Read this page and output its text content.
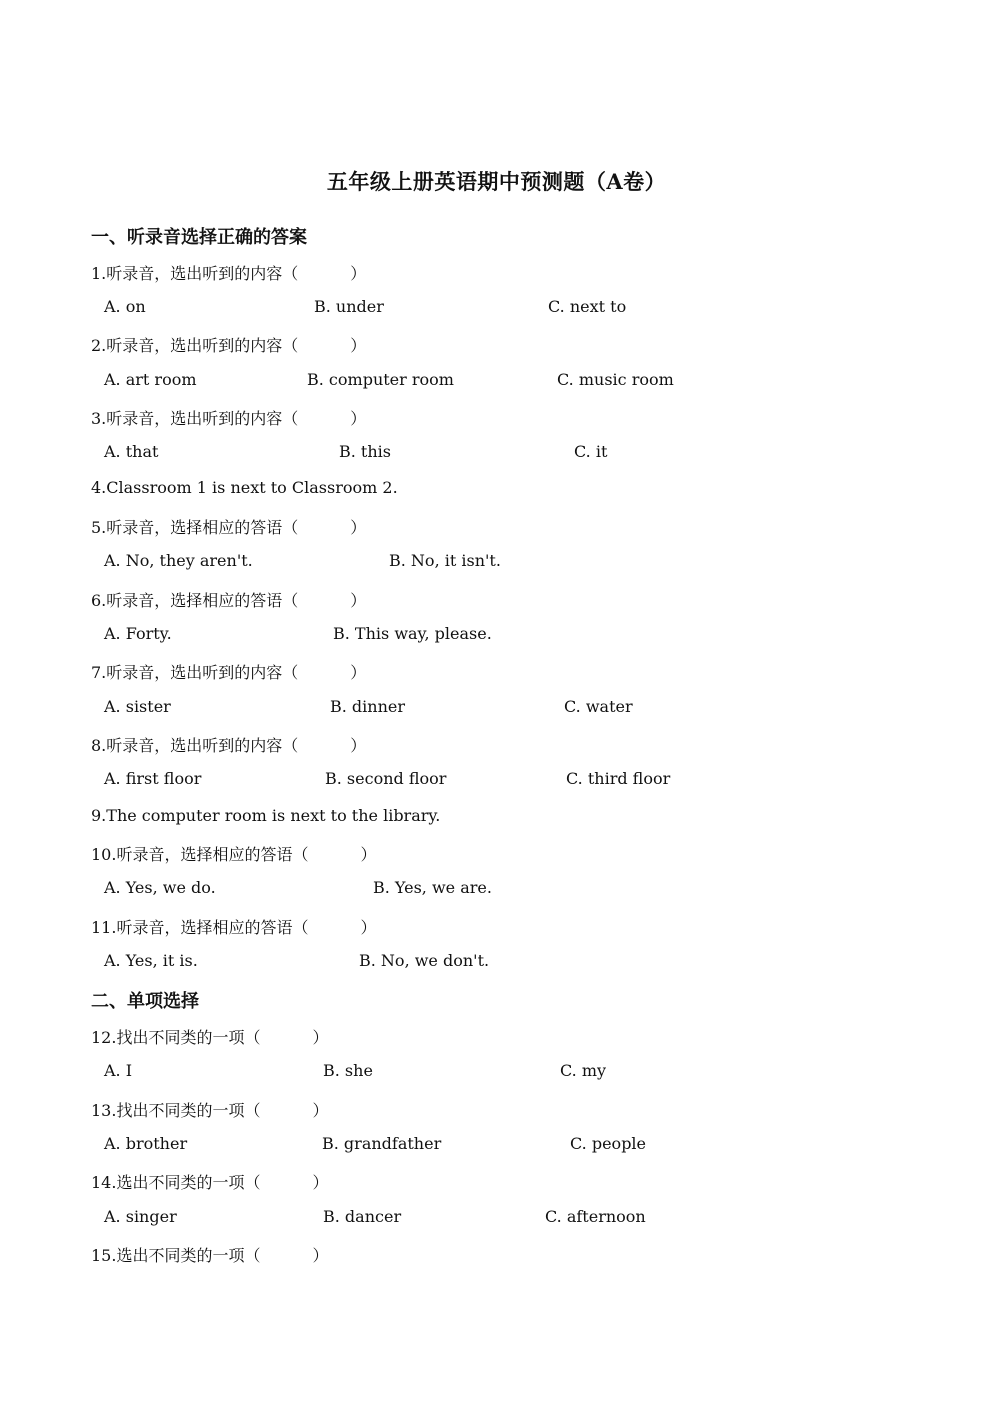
五年级上册英语期中预测题（A卷）
一、听录音选择正确的答案
1.听录音，选出听到的内容（	）
A. on	B. under	C. next to
2.听录音，选出听到的内容（	）
A. art room	B. computer room	C. music room
3.听录音，选出听到的内容（	）
A. that	B. this	C. it
4.Classroom 1 is next to Classroom 2.
5.听录音，选择相应的答语（	）
A. No, they aren't.	B. No, it isn't.
6.听录音，选择相应的答语（	）
A. Forty.	B. This way, please.
7.听录音，选出听到的内容（	）
A. sister	B. dinner	C. water
8.听录音，选出听到的内容（	）
A. first floor	B. second floor	C. third floor
9.The computer room is next to the library.
10.听录音，选择相应的答语（	）
A. Yes, we do.	B. Yes, we are.
11.听录音，选择相应的答语（	）
A. Yes, it is.	B. No, we don't.
二、单项选择
12.找出不同类的一项（	）
A. I	B. she	C. my
13.找出不同类的一项（	）
A. brother	B. grandfather	C. people
14.选出不同类的一项（	）
A. singer	B. dancer	C. afternoon
15.选出不同类的一项（	）
